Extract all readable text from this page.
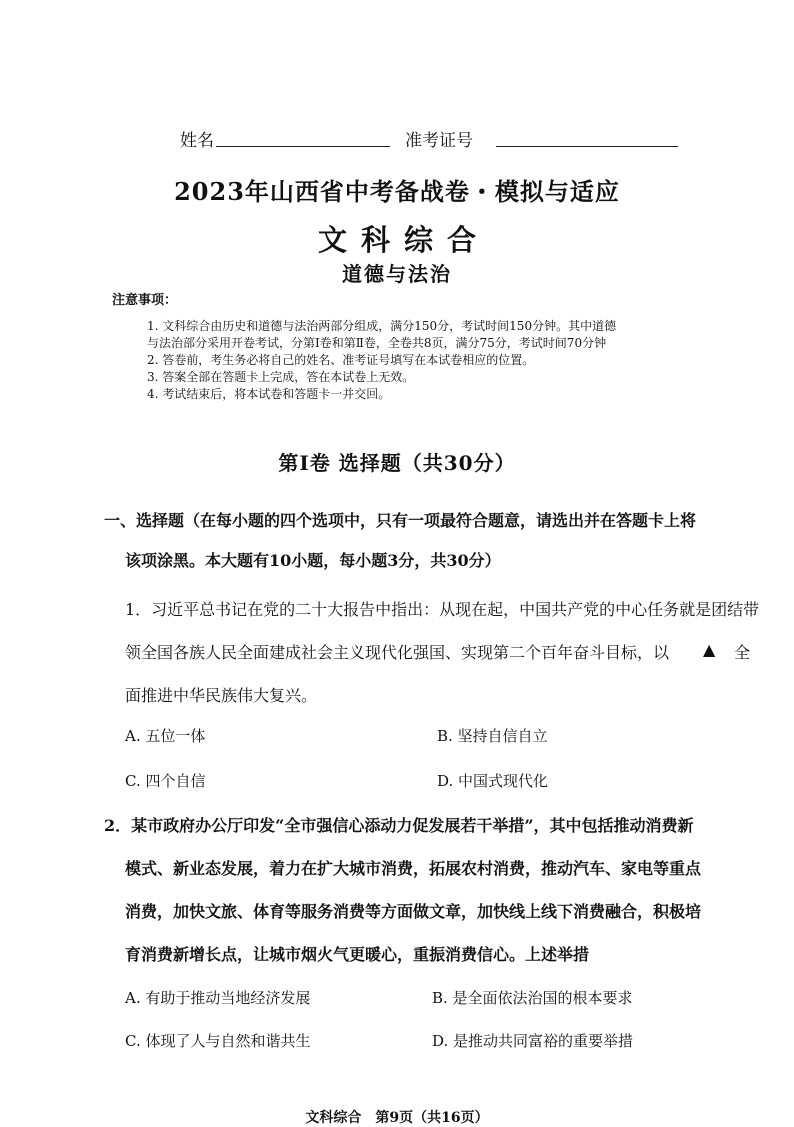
姓名	准考证号
2023年山西省中考备战卷・模拟与适应
文科综合
道德与法治
注意事项：
1. 文科综合由历史和道德与法治两部分组成，满分150分，考试时间150分钟。其中道德
与法治部分采用开卷考试，分第Ⅰ卷和第Ⅱ卷，全卷共8页，满分75分，考试时间70分钟
2. 答卷前，考生务必将自己的姓名、准考证号填写在本试卷相应的位置。
3. 答案全部在答题卡上完成，答在本试卷上无效。
4. 考试结束后，将本试卷和答题卡一并交回。
第Ⅰ卷 选择题（共30分）
一、选择题（在每小题的四个选项中，只有一项最符合题意，请选出并在答题卡上将
该项涂黑。本大题有10小题，每小题3分，共30分）
1．习近平总书记在党的二十大报告中指出：从现在起，中国共产党的中心任务就是团结带
领全国各族人民全面建成社会主义现代化强国、实现第二个百年奋斗目标，以 ▲ 全
面推进中华民族伟大复兴。
A. 五位一体	B. 坚持自信自立
C. 四个自信	D. 中国式现代化
2．某市政府办公厅印发“全市强信心添动力促发展若干举措”，其中包括推动消费新
模式、新业态发展，着力在扩大城市消费，拓展农村消费，推动汽车、家电等重点
消费，加快文旅、体育等服务消费等方面做文章，加快线上线下消费融合，积极培
育消费新增长点，让城市烟火气更暖心，重振消费信心。上述举措
A. 有助于推动当地经济发展	B. 是全面依法治国的根本要求
C. 体现了人与自然和谐共生	D. 是推动共同富裕的重要举措
文科综合　第9页（共16页）
